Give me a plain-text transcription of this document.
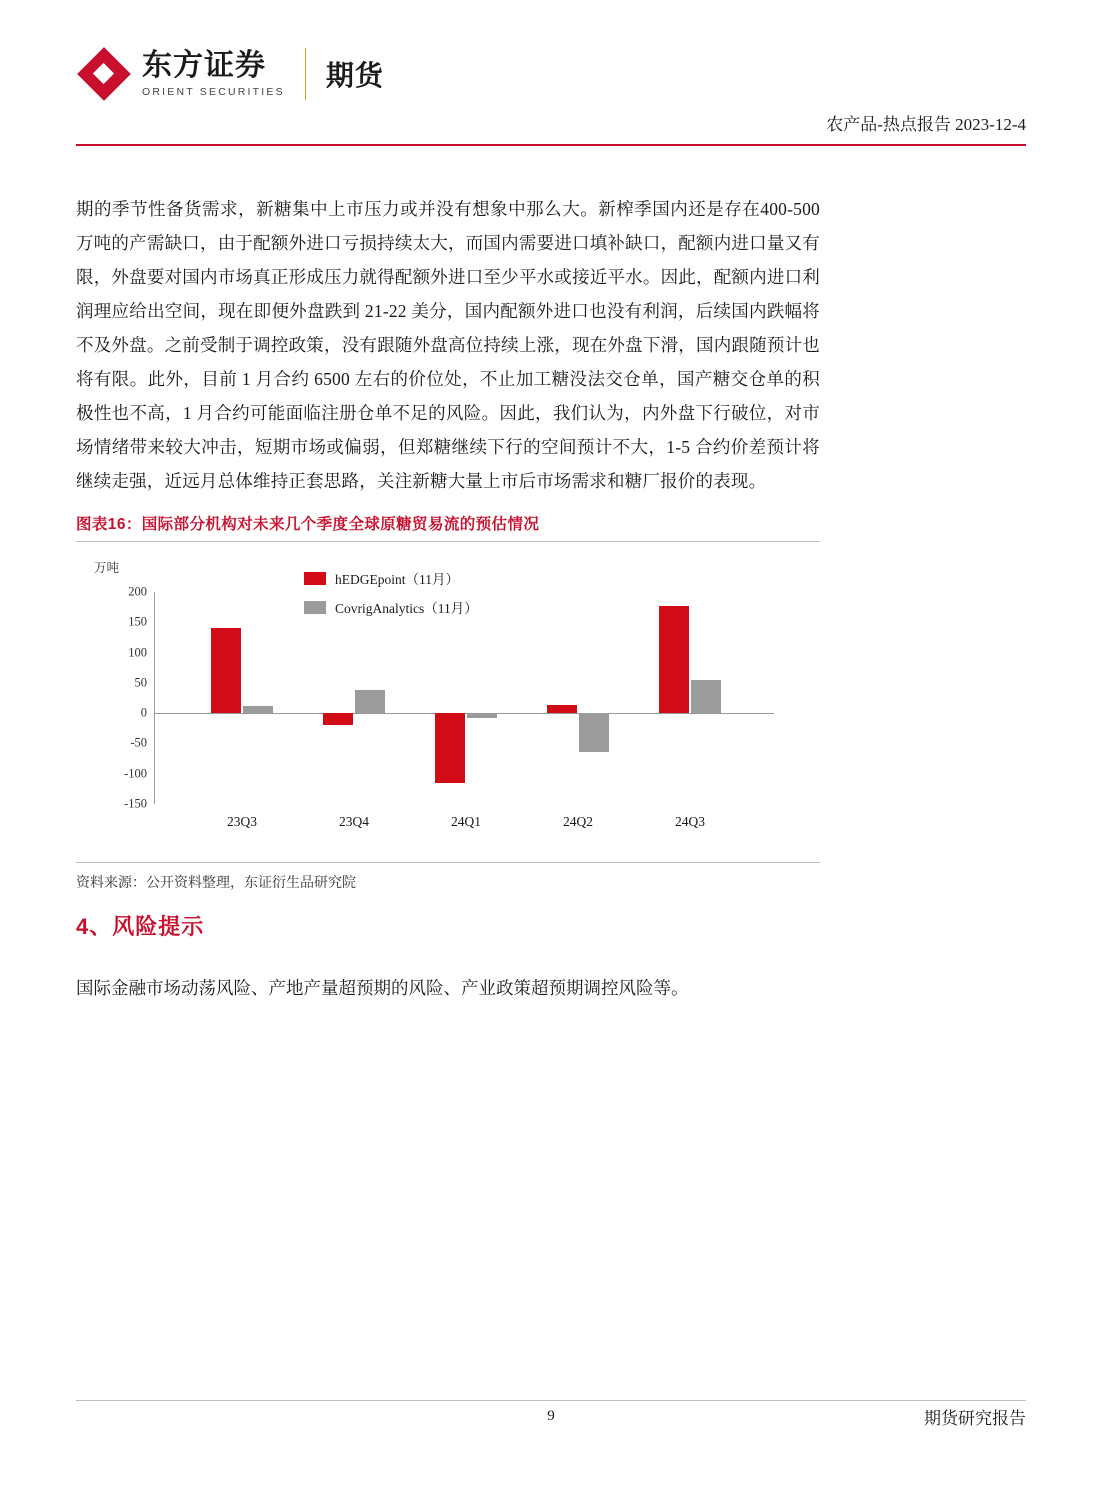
东方证券
ORIENT SECURITIES
期货
农产品-热点报告 2023-12-4
期的季节性备货需求，新糖集中上市压力或并没有想象中那么大。新榨季国内还是存在400-500 万吨的产需缺口，由于配额外进口亏损持续太大，而国内需要进口填补缺口，配额内进口量又有限，外盘要对国内市场真正形成压力就得配额外进口至少平水或接近平水。因此，配额内进口利润理应给出空间，现在即便外盘跌到 21-22 美分，国内配额外进口也没有利润，后续国内跌幅将不及外盘。之前受制于调控政策，没有跟随外盘高位持续上涨，现在外盘下滑，国内跟随预计也将有限。此外，目前 1 月合约 6500 左右的价位处，不止加工糖没法交仓单，国产糖交仓单的积极性也不高，1 月合约可能面临注册仓单不足的风险。因此，我们认为，内外盘下行破位，对市场情绪带来较大冲击，短期市场或偏弱，但郑糖继续下行的空间预计不大，1-5 合约价差预计将继续走强，近远月总体维持正套思路，关注新糖大量上市后市场需求和糖厂报价的表现。
图表16：国际部分机构对未来几个季度全球原糖贸易流的预估情况
万吨
hEDGEpoint（11月）
CovrigAnalytics（11月）
200
150
100
50
0
-50
-100
-150
23Q3	23Q4	24Q1	24Q2	24Q3
资料来源：公开资料整理，东证衍生品研究院
4、风险提示
国际金融市场动荡风险、产地产量超预期的风险、产业政策超预期调控风险等。
9	期货研究报告
